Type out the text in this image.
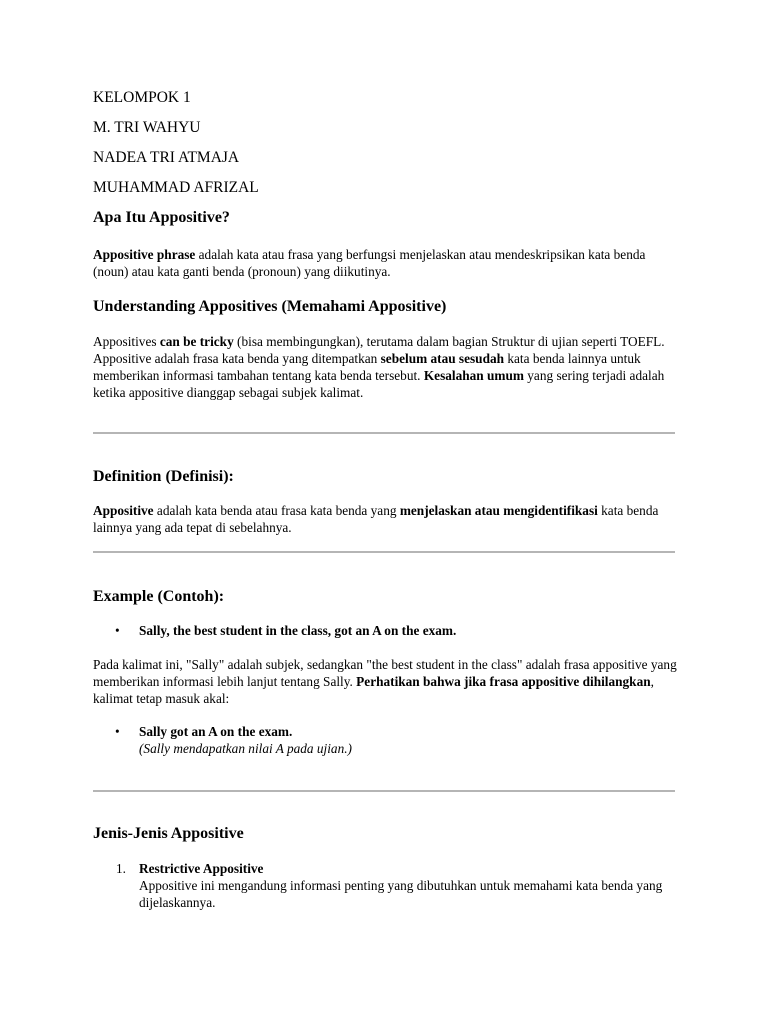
KELOMPOK 1
M. TRI WAHYU
NADEA TRI ATMAJA
MUHAMMAD AFRIZAL
Apa Itu Appositive?
Appositive phrase adalah kata atau frasa yang berfungsi menjelaskan atau mendeskripsikan kata benda (noun) atau kata ganti benda (pronoun) yang diikutinya.
Understanding Appositives (Memahami Appositive)
Appositives can be tricky (bisa membingungkan), terutama dalam bagian Struktur di ujian seperti TOEFL. Appositive adalah frasa kata benda yang ditempatkan sebelum atau sesudah kata benda lainnya untuk memberikan informasi tambahan tentang kata benda tersebut. Kesalahan umum yang sering terjadi adalah ketika appositive dianggap sebagai subjek kalimat.
Definition (Definisi):
Appositive adalah kata benda atau frasa kata benda yang menjelaskan atau mengidentifikasi kata benda lainnya yang ada tepat di sebelahnya.
Example (Contoh):
• Sally, the best student in the class, got an A on the exam.
Pada kalimat ini, "Sally" adalah subjek, sedangkan "the best student in the class" adalah frasa appositive yang memberikan informasi lebih lanjut tentang Sally. Perhatikan bahwa jika frasa appositive dihilangkan, kalimat tetap masuk akal:
• Sally got an A on the exam.
(Sally mendapatkan nilai A pada ujian.)
Jenis-Jenis Appositive
1. Restrictive Appositive
Appositive ini mengandung informasi penting yang dibutuhkan untuk memahami kata benda yang dijelaskannya.
